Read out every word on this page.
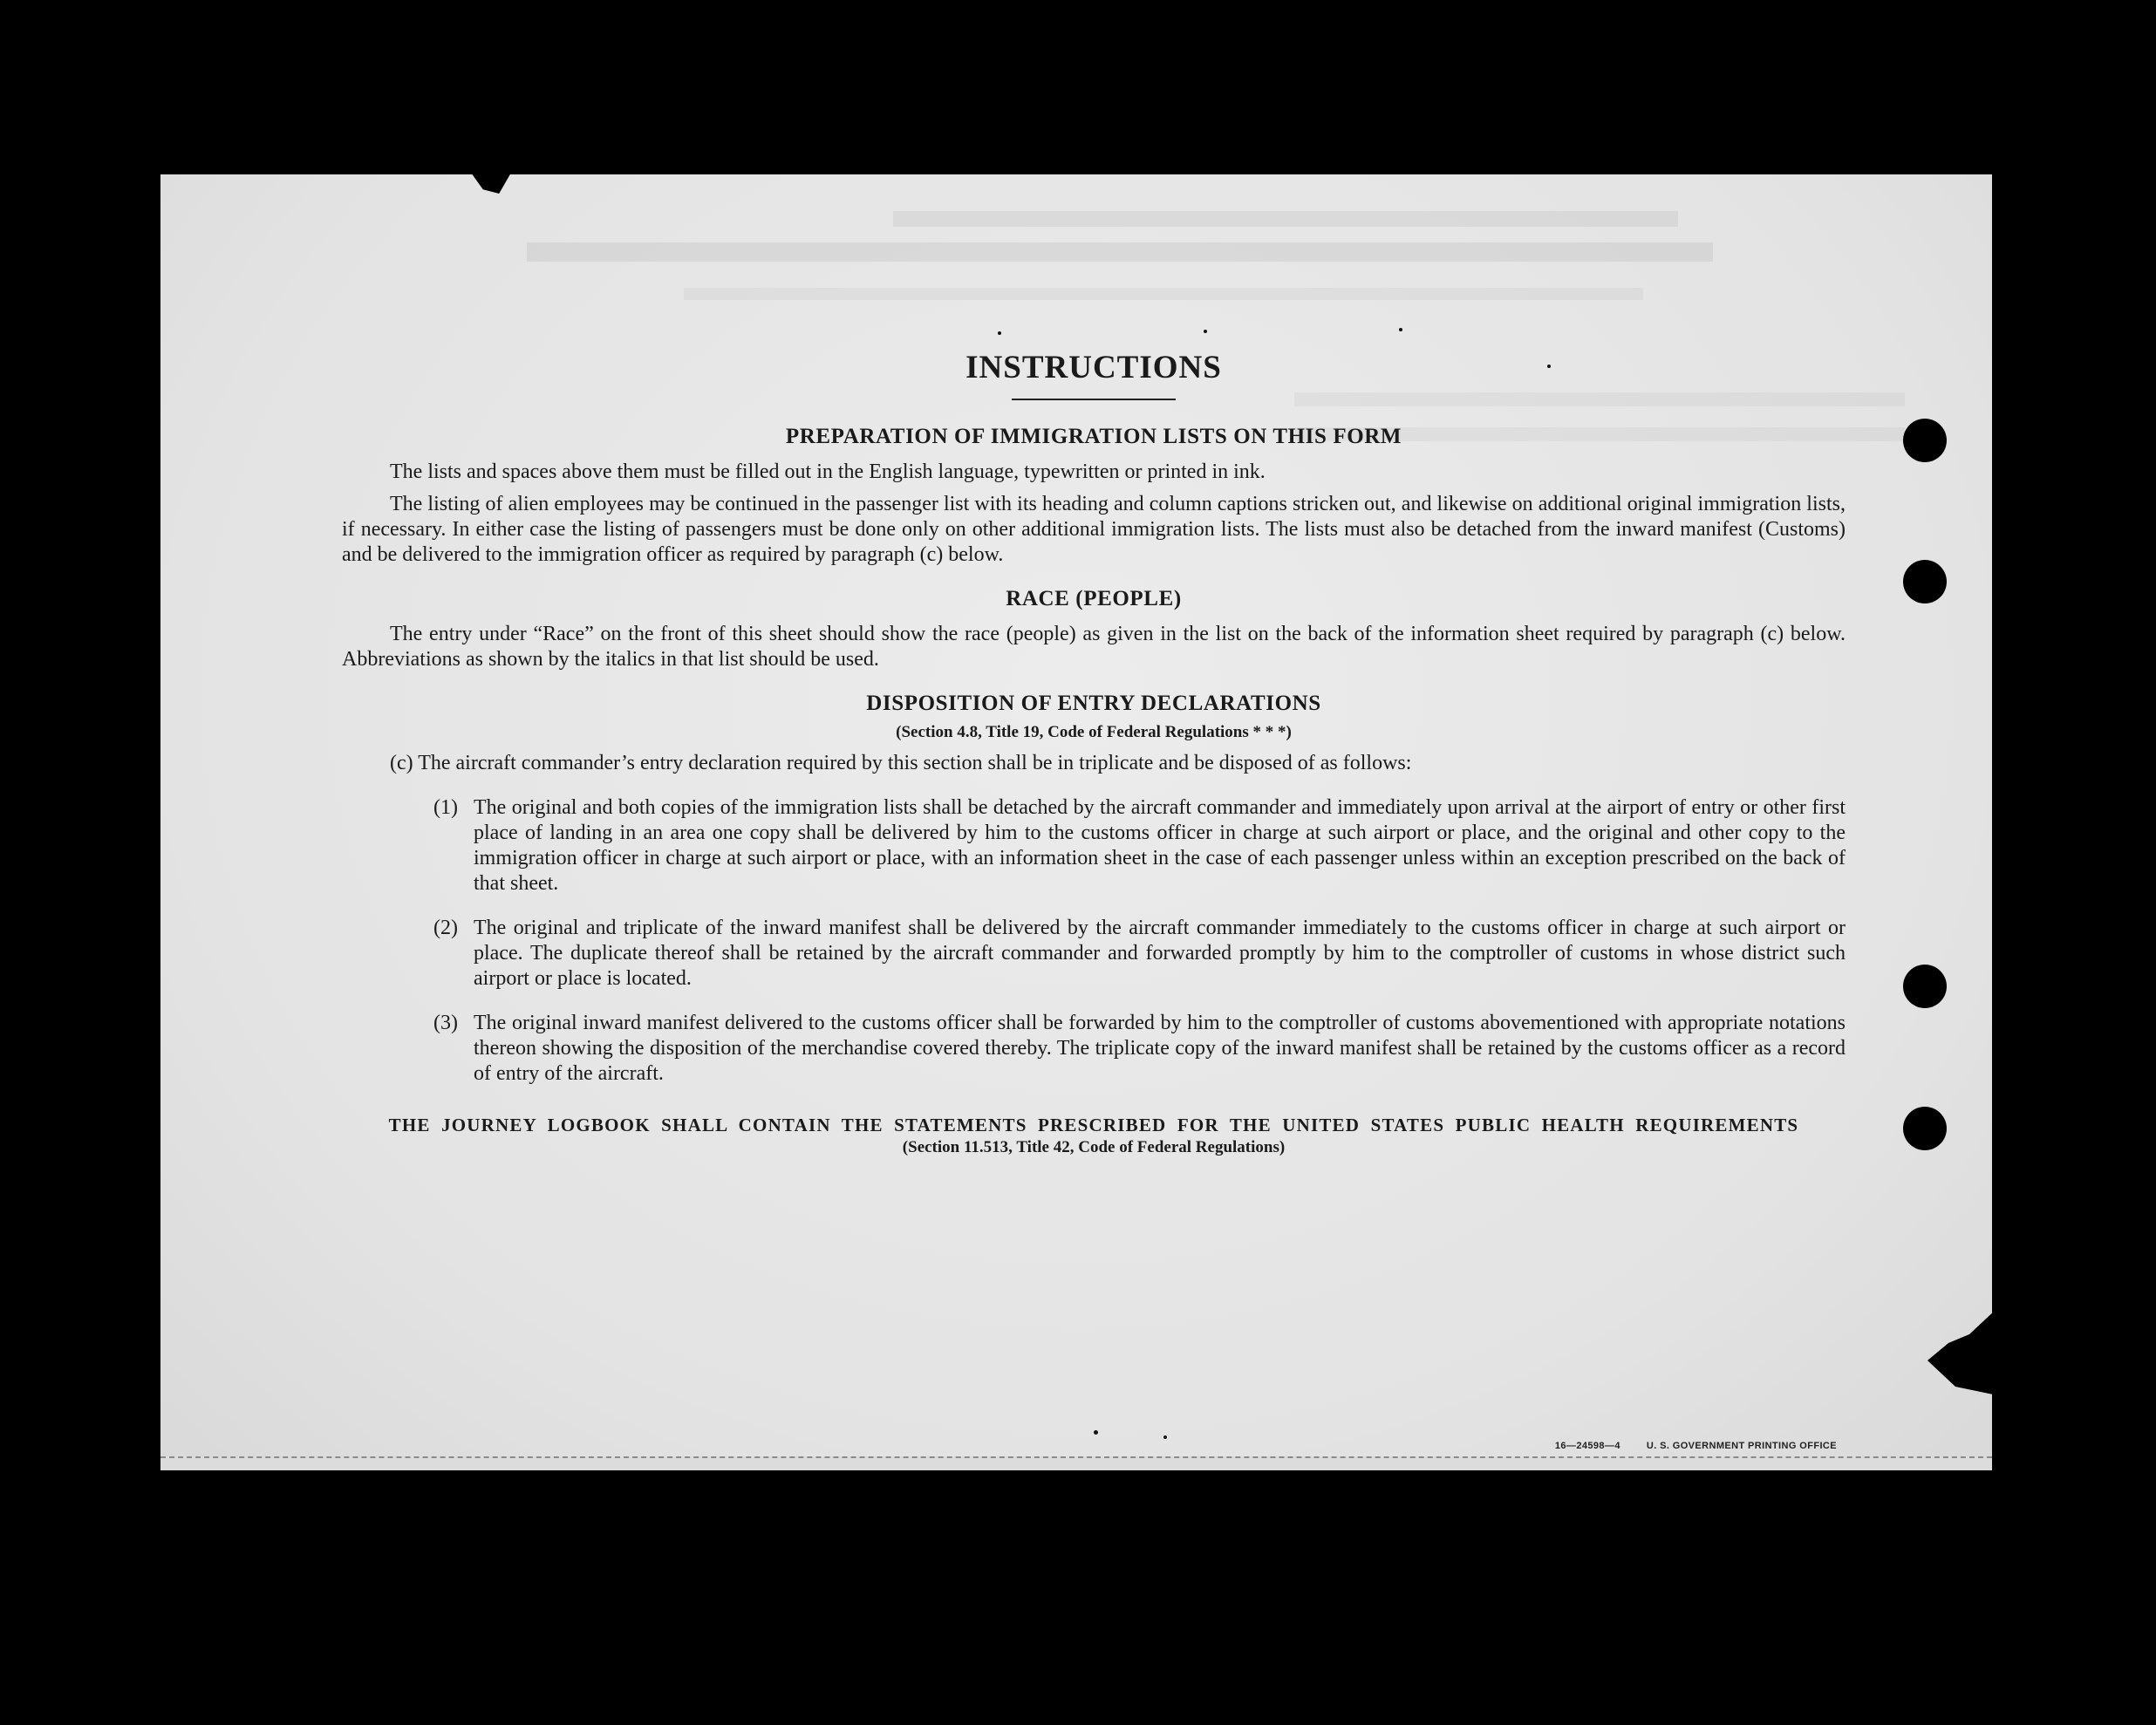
INSTRUCTIONS
PREPARATION OF IMMIGRATION LISTS ON THIS FORM

The lists and spaces above them must be filled out in the English language, typewritten or printed in ink.

The listing of alien employees may be continued in the passenger list with its heading and column captions stricken out, and likewise on additional original immigration lists, if necessary. In either case the listing of passengers must be done only on other additional immigration lists. The lists must also be detached from the inward manifest (Customs) and be delivered to the immigration officer as required by paragraph (c) below.

RACE (PEOPLE)

The entry under “Race” on the front of this sheet should show the race (people) as given in the list on the back of the information sheet required by paragraph (c) below. Abbreviations as shown by the italics in that list should be used.

DISPOSITION OF ENTRY DECLARATIONS
(Section 4.8, Title 19, Code of Federal Regulations * * *)

(c) The aircraft commander’s entry declaration required by this section shall be in triplicate and be disposed of as follows:

(1) The original and both copies of the immigration lists shall be detached by the aircraft commander and immediately upon arrival at the airport of entry or other first place of landing in an area one copy shall be delivered by him to the customs officer in charge at such airport or place, and the original and other copy to the immigration officer in charge at such airport or place, with an information sheet in the case of each passenger unless within an exception prescribed on the back of that sheet.
(2) The original and triplicate of the inward manifest shall be delivered by the aircraft commander immediately to the customs officer in charge at such airport or place. The duplicate thereof shall be retained by the aircraft commander and forwarded promptly by him to the comptroller of customs in whose district such airport or place is located.
(3) The original inward manifest delivered to the customs officer shall be forwarded by him to the comptroller of customs abovementioned with appropriate notations thereon showing the disposition of the merchandise covered thereby. The triplicate copy of the inward manifest shall be retained by the customs officer as a record of entry of the aircraft.
THE JOURNEY LOGBOOK SHALL CONTAIN THE STATEMENTS PRESCRIBED FOR THE UNITED STATES PUBLIC HEALTH REQUIREMENTS
(Section 11.513, Title 42, Code of Federal Regulations)
16—24598—4	U. S. GOVERNMENT PRINTING OFFICE
